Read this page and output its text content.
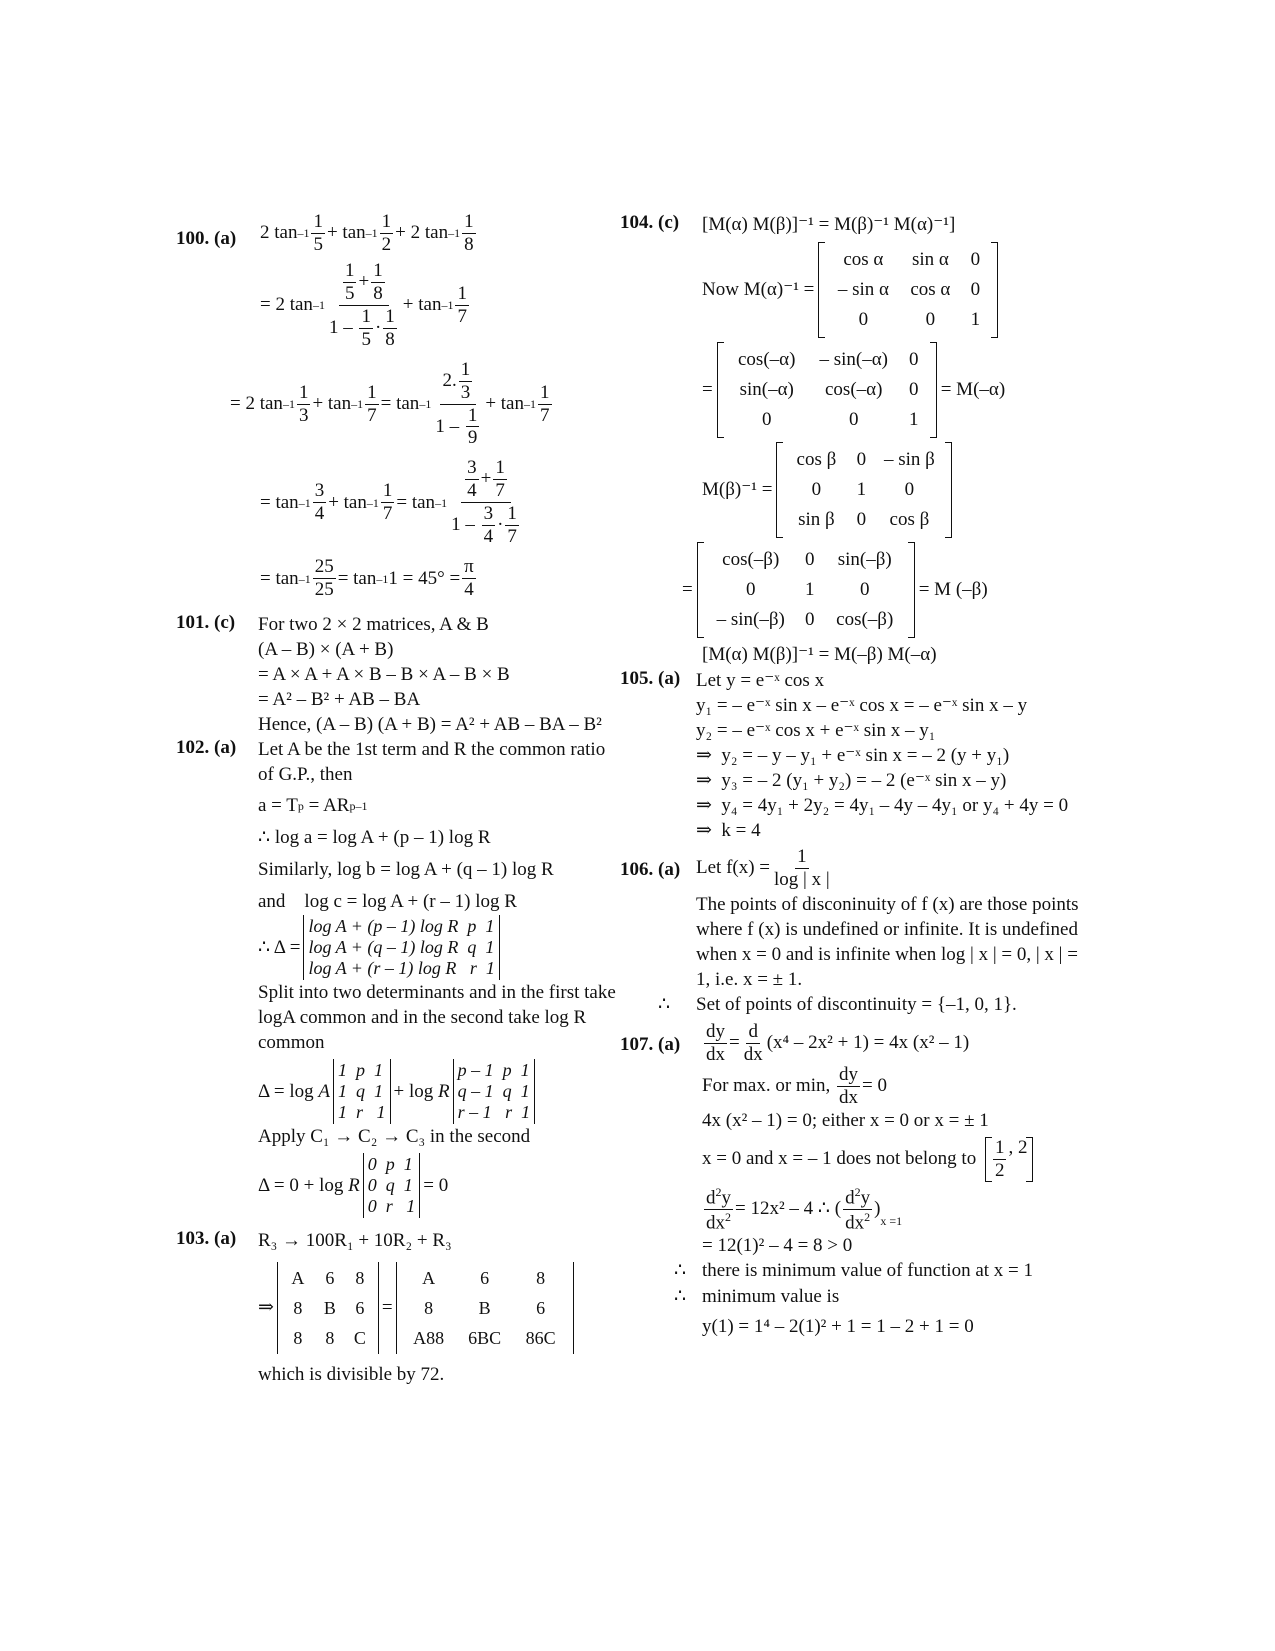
100. (a) 2 $\tan -1 \frac{1}{5} + \tan -1 \frac{1}{2} + 2$ $\tan -1 \frac{1}{8}$
= 2 $\tan -1 \frac{\frac{1}{5} + \frac{1}{8}}{1 - \frac{1}{5} \cdot \frac{1}{8}} + \tan -1 \frac{1}{7}$
= 2 $\tan -1 \frac{1}{3} + \tan -1 \frac{1}{7} = \tan -1 \frac{2. \frac{1}{3}}{1 - \frac{1}{9}} + \tan -1 \frac{1}{7}$
= $\tan -1 \frac{3}{4} + \tan -1 \frac{1}{7} = \tan -1 \frac{\frac{3}{4} + \frac{1}{7}}{1 - \frac{3}{4} \cdot \frac{1}{7}}$
= $\tan -1 \frac{25}{25} = \tan -1$ $1 = 45^\circ = \frac{\pi}{4}$
101. (c) For two 2 × 2 matrices, A & B
(A – B) × (A + B)
= A × A + A × B – B × A – B × B
= A² – B² + AB – BA
Hence, (A – B) (A + B) = A² + AB – BA – B²
102. (a) Let A be the 1st term and R the common ratio of G.P., then
a = T p = AR p–1
∴ log a = log A + (p – 1) log R
Similarly, log b = log A + (q – 1) log R
and    log c = log A + (r – 1) log R
∴ Δ =
log A + (p – 1) log R  p  1
log A + (q – 1) log R  q  1
log A + (r – 1) log R   r  1
Split into two determinants and in the first take logA common and in the second take log R common
Δ = log A
1  p  1
1  q  1
1  r   1
+ log R
p – 1  p  1
q – 1  q  1
r – 1   r  1
Apply C₁ → C₂ → C₃ in the second
Δ = 0 + log R
0  p  1
0  q  1
0  r   1
= 0
103. (a) R₃ → 100R₁ + 10R₂ + R₃
⇒
A	6	8
8	B	6
8	8	C
=
A	6	8
8	B	6
A88	6BC	86C
which is divisible by 72.
104. (c) [M(α) M(β)]⁻¹ = M(β)⁻¹ M(α)⁻¹]
Now M(α)⁻¹ =
cos α	sin α	0
– sin α	cos α	0
0	0	1
=
cos(–α)	– sin(–α)	0
sin(–α)	cos(–α)	0
0	0	1
= M(–α)
M(β)⁻¹ =
cos β	0 – sin β
0	1	0
sin β	0	cos β
=
cos(–β)	0	sin(–β)
0	1	0
– sin(–β)	0	cos(–β)
= M (–β)
[M(α) M(β)]⁻¹ = M(–β) M(–α)
105. (a) Let y = e⁻ˣ cos x
y₁ = – e⁻ˣ sin x – e⁻ˣ cos x = – e⁻ˣ sin x – y
y₂ = – e⁻ˣ cos x + e⁻ˣ sin x – y₁
⇒  y₂ = – y – y₁ + e⁻ˣ sin x = – 2 (y + y₁)
⇒  y₃ = – 2 (y₁ + y₂) = – 2 (e⁻ˣ sin x – y)
⇒  y₄ = 4y₁ + 2y₂ = 4y₁ – 4y – 4y₁ or y₄ + 4y = 0
⇒  k = 4
106. (a) Let $f(x) = \frac{1}{\log | x |}$
The points of disconinuity of f (x) are those points where f (x) is undefined or infinite. It is undefined when x = 0 and is infinite when log | x | = 0, | x | = 1, i.e. x = ± 1.
∴	Set of points of discontinuity = {–1, 0, 1}.
107. $(a) \frac{dy}{dx} = \frac{d}{dx} (x^4 - 2x^2 + 1) = 4x$ (x² – 1)
For max. or min,
$\frac{dy}{dx} = 0$
4x (x² – 1) = 0; either x = 0 or x = ± 1
x = 0 and x = – 1 does not belong to
$\frac{1}{2}$ , 2
$\frac{d^2y}{dx^2} = 12x^2 - 4$ ∴ ( $\frac{d^2y}{dx^2}$ )
$_{x =1}$
= 12(1)² – 4 = 8 > 0
∴ there is minimum value of function at x = 1
∴ minimum value is
y(1) = 1⁴ – 2(1)² + 1 = 1 – 2 + 1 = 0
